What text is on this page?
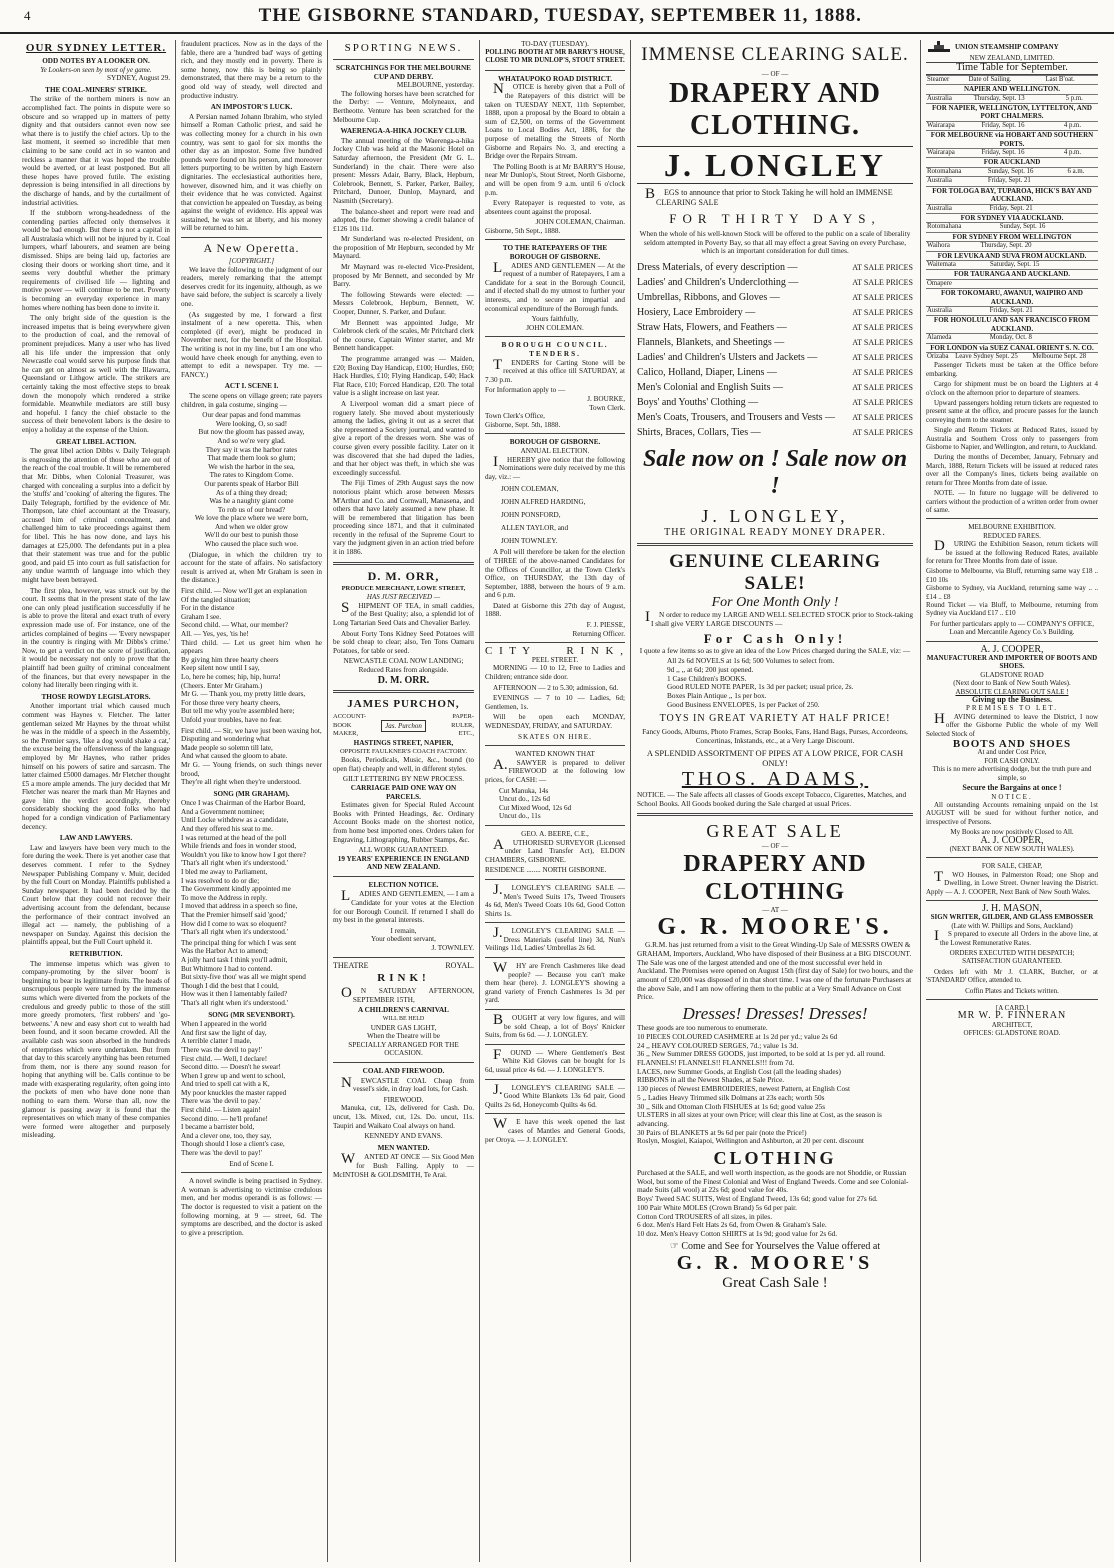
4	THE GISBORNE STANDARD, TUESDAY, SEPTEMBER 11, 1888.
OUR SYDNEY LETTER.
ODD NOTES BY A LOOKER ON.
Ye Lookers-on seen by most of ye game.
SYDNEY, August 29.
THE COAL-MINERS' STRIKE.

The strike of the northern miners is now an accomplished fact. The points in dispute were so obscure and so wrapped up in matters of petty dignity and that outsiders cannot even now see what there is to justify the chief actors. Up to the last moment, it seemed so incredible that men claiming to be sane could act in so wanton and reckless a manner that it was hoped the trouble would be averted, or at least postponed. But all these hopes have proved futile. The existing depression is being intensified in all directions by the discharge of hands, and by the curtailment of industrial activities.

If the stubborn wrong-headedness of the contending parties affected only themselves it would be bad enough. But there is not a capital in all Australasia which will not be injured by it. Coal lumpers, wharf labourers, and seamen are being dismissed. Ships are being laid up, factories are closing their doors or working short time, and it seems very doubtful whether the primary requirements of civilised life — lighting and motive power — will continue to be met. Poverty is becoming an everyday experience in many homes where nothing has been done to invite it.

The only bright side of the question is the increased impetus that is being everywhere given to the production of coal, and the removal of prominent prejudices. Many a user who has lived all his life under the impression that only Newcastle coal would serve his purpose finds that he can get on almost as well with the Illawarra, Queensland or Lithgow article. The strikers are certainly taking the most effective steps to break down the monopoly which rendered a strike formidable. Meanwhile mediators are still busy and hopeful. I fancy the chief obstacle to the success of their benevolent labors is the desire to enjoy a holiday at the expense of the Union.

GREAT LIBEL ACTION.

The great libel action Dibbs v. Daily Telegraph is engrossing the attention of those who are out of the reach of the coal trouble. It will be remembered that Mr. Dibbs, when Colonial Treasurer, was charged with concealing a surplus into a deficit by the 'stuffs' and 'cooking' of altering the figures. The Daily Telegraph, fortified by the evidence of Mr. Thompson, late chief accountant at the Treasury, accused him of criminal concealment, and challenged him to take proceedings against them for libel. This he has now done, and lays his damages at £25,000. The defendants put in a plea that their statement was true and for the public good, and paid £5 into court as full satisfaction for any undue warmth of language into which they might have been betrayed.

The first plea, however, was struck out by the court. It seems that in the present state of the law one can only plead justification successfully if he is able to prove the literal and exact truth of every expression made use of. For instance, one of the articles complained of begins — 'Every newspaper in the country is ringing with Mr Dibbs's crime.' Now, to get a verdict on the score of justification, it would be necessary not only to prove that the plaintiff had been guilty of criminal concealment of the finances, but that every newspaper in the colony had literally been ringing with it.

THOSE ROWDY LEGISLATORS.

Another important trial which caused much comment was Haynes v. Fletcher. The latter gentleman seized Mr Haynes by the throat whilst he was in the middle of a speech in the Assembly, so the Premier says, 'like a dog would shake a cat,' the excuse being the offensiveness of the language employed by Mr Haynes, who rather prides himself on his powers of satire and sarcasm. The latter claimed £5000 damages. Mr Fletcher thought £5 a more ample amends. The jury decided that Mr Fletcher was nearer the mark than Mr Haynes and gave him the verdict accordingly, thereby considerably shocking the good folks who had hoped for a condign vindication of Parliamentary decency.

LAW AND LAWYERS.

Law and lawyers have been very much to the fore during the week. There is yet another case that deserves comment. I refer to the Sydney Newspaper Publishing Company v. Muir, decided by the full Court on Monday. Plaintiffs published a Sunday newspaper. It had been decided by the Court below that they could not recover their advertising account from the defendant, because the performance of their contract involved an illegal act — namely, the publishing of a newspaper on Sunday. Against this decision the plaintiffs appeal, but the Full Court upheld it.

RETRIBUTION.

The immense impetus which was given to company-promoting by the silver 'boom' is beginning to bear its legitimate fruits. The heads of unscrupulous people were turned by the immense sums which were diverted from the pockets of the credulous and greedy public to those of the still more greedy promoters, 'first robbers' and 'go-betweens.' A new and easy short cut to wealth had been found, and it soon became crowded. All the available cash was soon absorbed in the hundreds of enterprises which were undertaken. But from that day to this scarcely anything has been returned from them, nor is there any sound reason for hoping that anything will be. Calls continue to be made with exasperating regularity, often going into the pockets of men who have done none than nothing to earn them. Worse than all, now the glamour is passing away it is found that the representatives on which many of these companies were formed were altogether and purposely misleading.

fraudulent practices. Now as in the days of the fable, there are a 'hundred bad' ways of getting rich, and they mostly end in poverty. There is some honey, now this is being so plainly demonstrated, that there may be a return to the good old way of steady, well directed and productive industry.

AN IMPOSTOR'S LUCK.

A Persian named Johann Ibrahim, who styled himself a Roman Catholic priest, and said he was collecting money for a church in his own country, was sent to gaol for six months the other day as an impostor. Some five hundred pounds were found on his person, and moreover letters purporting to be written by high Eastern dignitaries. The ecclesiastical authorities here, however, disowned him, and it was chiefly on their evidence that he was convicted. Against that conviction he appealed on Tuesday, as being against the weight of evidence. His appeal was sustained, he was set at liberty, and his money will be returned to him.

A New Operetta.
[COPYRIGHT.]

We leave the following to the judgment of our readers, merely remarking that the attempt deserves credit for its ingenuity, although, as we have said before, the subject is scarcely a lively one.

(As suggested by me, I forward a first instalment of a new operetta. This, when completed (if ever), might be produced in November next, for the benefit of the Hospital. The writing is not in my line, but I am one who would have cheek enough for anything, even to attempt to edit a newspaper. Try me. — FANCY.)

ACT I. SCENE I.

The scene opens on village green; rate payers children, in gala costume, singing —

Our dear papas and fond mammas
Were looking, O, so sad!
But now the gloom has passed away,
And so we're very glad.
They say it was the harbor rates
That made them look so glum;
We wish the harbor in the sea,
The rates to Kingdom Come.
Our parents speak of Harbor Bill
As of a thing they dread;
Was he a naughty giant come
To rob us of our bread?
We love the place where we were born,
And when we older grow
We'll do our best to punish those
Who caused the place such woe.

(Dialogue, in which the children try to account for the state of affairs. No satisfactory result is arrived at, when Mr Graham is seen in the distance.)

First child. — Now we'll get an explanation
Of the tangled situation;
For in the distance
Graham I see.
Second child. — What, our member?
All. — Yes, yes, 'tis he!
Third child. — Let us greet him when he appears
By giving him three hearty cheers
Keep silent now until I say,
Lo, here he comes; hip, hip, hurra!
(Cheers. Enter Mr Graham.)
Mr G. — Thank you, my pretty little dears,
For those three very hearty cheers,
But tell me why you're assembled here;
Unfold your troubles, have no fear.

First child. — Sir, we have just been waxing hot,
Disputing and wondering what
Made people so solemn till late,
And what caused the gloom to abate.
Mr G. — Young friends, on such things never brood,
They're all right when they're understood.

SONG (MR GRAHAM).

Once I was Chairman of the Harbor Board,
And a Government nominee;
Until Locke withdrew as a candidate,
And they offered his seat to me.
I was returned at the head of the poll
While friends and foes in wonder stood,
Wouldn't you like to know how I got there?
'That's all right when it's understood.'
I bled me away to Parliament,
I was resolved to do or die;
The Government kindly appointed me
To move the Address in reply.
I moved that address in a speech so fine,
That the Premier himself said 'good;'
How did I come to wax so eloquent?
'That's all right when it's understood.'

The principal thing for which I was sent
Was the Harbor Act to amend;
A jolly hard task I think you'll admit,
But Whitmore I had to contend.
But sixty-five thou' was all we might spend
Though I did the best that I could,
How was it then I lamentably failed?
'That's all right when it's understood.'

SONG (MR SEVENBORT).

When I appeared in the world
And first saw the light of day,
A terrible clatter I made,
'There was the devil to pay!'
First child. — Well, I declare!
Second ditto. — Doesn't he swear!
When I grew up and went to school,
And tried to spell cat with a K,
My poor knuckles the master rapped
There was 'the devil to pay.'
First child. — Listen again!
Second ditto. — he'll profane!
I became a barrister bold,
And a clever one, too, they say,
Though should I lose a client's case,
There was 'the devil to pay!'

End of Scene I.

A novel swindle is being practised in Sydney. A woman is advertising to victimise credulous men, and her modus operandi is as follows: — The doctor is requested to visit a patient on the following morning, at 9 — street, 6d. The symptoms are described, and the doctor is asked to give a prescription.

SPORTING NEWS.
SCRATCHINGS FOR THE MELBOURNE CUP AND DERBY.
MELBOURNE, yesterday.

The following horses have been scratched for the Derby: — Venture, Molyneaux, and Bertheotte. Venture has been scratched for the Melbourne Cup.

WAERENGA-A-HIKA JOCKEY CLUB.

The annual meeting of the Waerenga-a-hika Jockey Club was held at the Masonic Hotel on Saturday afternoon, the President (Mr G. L. Sunderland) in the chair. There were also present: Messrs Adair, Barry, Black, Hepburn, Colebrook, Bennett, S. Parker, Parker, Bailey, Pritchard, Dunoer, Dunlop, Maynard, and Nasmith (Secretary).

The balance-sheet and report were read and adopted, the former showing a credit balance of £126 10s 11d.

Mr Sunderland was re-elected President, on the proposition of Mr Hepburn, seconded by Mr Maynard.

Mr Maynard was re-elected Vice-President, proposed by Mr Bennett, and seconded by Mr Barry.

The following Stewards were elected: — Messrs Colebrook, Hepburn, Bennett, W. Cooper, Dunner, S. Parker, and Dufaur.

Mr Bennett was appointed Judge, Mr Colebrook clerk of the scales, Mr Pritchard clerk of the course, Captain Winter starter, and Mr Bennett handicapper.

The programme arranged was — Maiden, £20; Boxing Day Handicap, £100; Hurdles, £60; Hack Hurdles, £10; Flying Handicap, £40; Hack Flat Race, £10; Forced Handicap, £20. The total value is a slight increase on last year.

A Liverpool woman did a smart piece of roguery lately. She moved about mysteriously among the ladies, giving it out as a secret that she represented a Society journal, and wanted to give a report of the dresses worn. She was of course given every possible facility. Later on it was discovered that she had duped the ladies, and that her object was theft, in which she was exceedingly successful.

The Fiji Times of 29th August says the now notorious plaint which arose between Messrs M'Arthur and Co. and Cornwall, Manasena, and others that have lately assumed a new phase. It will be remembered that litigation has been proceeding since 1871, and that it culminated recently in the refusal of the Supreme Court to vary the judgment given in an action tried before it in 1886.

D. M. ORR,
PRODUCE MERCHANT, LOWE STREET,
HAS JUST RECEIVED —

SHIPMENT OF TEA, in small caddies, of the Best Quality; also, a splendid lot of Long Tartarian Seed Oats and Chevalier Barley.

About Forty Tons Kidney Seed Potatoes will be sold cheap to clear; also, Ten Tons Oamaru Potatoes, for table or seed.

NEWCASTLE COAL NOW LANDING; Reduced Rates from alongside.

D. M. ORR.
JAMES PURCHON,
ACCOUNT-BOOK MAKER,
Jas. Purchon
PAPER-RULER, ETC.,
HASTINGS STREET, NAPIER,
OPPOSITE FAULKNER'S COACH FACTORY.

Books, Periodicals, Music, &c., bound (to open flat) cheaply and well, in different styles.

GILT LETTERING BY NEW PROCESS.
CARRIAGE PAID ONE WAY ON PARCELS.

Estimates given for Special Ruled Account Books with Printed Headings, &c. Ordinary Account Books made on the shortest notice, from home best imported ones. Orders taken for Engraving, Lithographing, Rubber Stamps, &c.

ALL WORK GUARANTEED.
19 YEARS' EXPERIENCE IN ENGLAND AND NEW ZEALAND.
ELECTION NOTICE.

LADIES AND GENTLEMEN, — I am a Candidate for your votes at the Election for our Borough Council. If returned I shall do my best in the general interests.

I remain,
Your obedient servant,
J. TOWNLEY.
THEATRE	ROYAL.
RINK!

ON SATURDAY AFTERNOON, SEPTEMBER 15TH,

A CHILDREN'S CARNIVAL
WILL BE HELD
UNDER GAS LIGHT,
When the Theatre will be
SPECIALLY ARRANGED FOR THE OCCASION.
COAL AND FIREWOOD.

NEWCASTLE COAL Cheap from vessel's side, in dray load lots, for Cash.

FIREWOOD.

Manuka, cut, 12s, delivered for Cash. Do. uncut, 13s. Mixed, cut, 12s. Do. uncut, 11s. Taupiri and Waikato Coal always on hand.

KENNEDY AND EVANS.
MEN WANTED.

WANTED AT ONCE — Six Good Men for Bush Falling. Apply to — McINTOSH & GOLDSMITH, Te Arai.

TO-DAY (TUESDAY).
POLLING BOOTH AT MR BARRY'S HOUSE, CLOSE TO MR DUNLOP'S, STOUT STREET.
WHATAUPOKO ROAD DISTRICT.

NOTICE is hereby given that a Poll of the Ratepayers of this district will be taken on TUESDAY NEXT, 11th September, 1888, upon a proposal by the Board to obtain a sum of £2,500, on terms of the Government Loans to Local Bodies Act, 1886, for the purpose of metalling the Streets of North Gisborne and Repairs No. 3, and erecting a Bridge over the Repairs Stream.

The Polling Booth is at Mr BARRY'S House, near Mr Dunlop's, Stout Street, North Gisborne, and will be open from 9 a.m. until 6 o'clock p.m.

Every Ratepayer is requested to vote, as absentees count against the proposal.

JOHN COLEMAN, Chairman.
Gisborne, 5th Sept., 1888.
TO THE RATEPAYERS OF THE BOROUGH OF GISBORNE.

LADIES AND GENTLEMEN — At the request of a number of Ratepayers, I am a Candidate for a seat in the Borough Council, and if elected shall do my utmost to further your interests, and to secure an impartial and economical expenditure of the Borough funds.

Yours faithfully,
JOHN COLEMAN.
BOROUGH COUNCIL.
TENDERS.

TENDERS for Carting Stone will be received at this office till SATURDAY, at 7.30 p.m.

For Information apply to —
J. BOURKE,
Town Clerk.
Town Clerk's Office,
Gisborne, Sept. 5th, 1888.
BOROUGH OF GISBORNE.
ANNUAL ELECTION.

IHEREBY give notice that the following Nominations were duly received by me this day, viz.: —

JOHN COLEMAN,
JOHN ALFRED HARDING,
JOHN PONSFORD,
ALLEN TAYLOR, and
JOHN TOWNLEY.

A Poll will therefore be taken for the election of THREE of the above-named Candidates for the Offices of Councillor, at the Town Clerk's Office, on THURSDAY, the 13th day of September, 1888, between the hours of 9 a.m. and 6 p.m.

Dated at Gisborne this 27th day of August, 1888.

F. J. PIESSE,
Returning Officer.
C I T Y	R I N K ,
PEEL STREET.

MORNING — 10 to 12, Free to Ladies and Children; entrance side door.

AFTERNOON — 2 to 5.30; admission, 6d.

EVENINGS — 7 to 10 — Ladies, 6d; Gentlemen, 1s.

Will be open each MONDAY, WEDNESDAY, FRIDAY, and SATURDAY.

SKATES ON HIRE.
WANTED KNOWN THAT

A.SAWYER is prepared to deliver FIREWOOD at the following low prices, for CASH: —

Cut Manuka, 14s
Uncut do., 12s 6d
Cut Mixed Wood, 12s 6d
Uncut do., 11s

GEO. A. BEERE, C.E.,

AUTHORISED SURVEYOR (Licensed under Land Transfer Act), ELDON CHAMBERS, GISBORNE.

RESIDENCE ........ NORTH GISBORNE.

J.LONGLEY'S CLEARING SALE — Men's Tweed Suits 17s, Tweed Trousers 4s 6d, Men's Tweed Coats 10s 6d, Good Cotton Shirts 1s.

J.LONGLEY'S CLEARING SALE — Dress Materials (useful line) 3d, Nun's Veilings 11d, Ladies' Umbrellas 2s 6d.

WHY are French Cashmeres like dead people? — Because you can't make them hear (here). J. LONGLEY'S showing a grand variety of French Cashmeres 1s 3d per yard.

BOUGHT at very low figures, and will be sold Cheap, a lot of Boys' Knicker Suits, from 6s 6d. — J. LONGLEY.

FOUND — Where Gentlemen's Best White Kid Gloves can be bought for 1s 6d, usual price 4s 6d. — J. LONGLEY'S.

J.LONGLEY'S CLEARING SALE — Good White Blankets 13s 6d pair, Good Quilts 2s 6d, Honeycomb Quilts 4s 6d.

WE have this week opened the last cases of Mantles and General Goods, per Oroya. — J. LONGLEY.

IMMENSE CLEARING SALE.
— OF —
DRAPERY AND CLOTHING.
J. LONGLEY

BEGS to announce that prior to Stock Taking he will hold an IMMENSE CLEARING SALE

FOR THIRTY DAYS,

When the whole of his well-known Stock will be offered to the public on a scale of liberality seldom attempted in Poverty Bay, so that all may effect a great Saving on every Purchase, which is an important consideration for dull times.

Dress Materials, of every description —	AT SALE PRICES
Ladies' and Children's Underclothing —	AT SALE PRICES
Umbrellas, Ribbons, and Gloves —	AT SALE PRICES
Hosiery, Lace Embroidery —	AT SALE PRICES
Straw Hats, Flowers, and Feathers —	AT SALE PRICES
Flannels, Blankets, and Sheetings —	AT SALE PRICES
Ladies' and Children's Ulsters and Jackets —	AT SALE PRICES
Calico, Holland, Diaper, Linens —	AT SALE PRICES
Men's Colonial and English Suits —	AT SALE PRICES
Boys' and Youths' Clothing —	AT SALE PRICES
Men's Coats, Trousers, and Trousers and Vests — AT SALE PRICES
Shirts, Braces, Collars, Ties —	AT SALE PRICES
Sale now on ! Sale now on !
J. LONGLEY,
THE ORIGINAL READY MONEY DRAPER.
GENUINE CLEARING SALE!
For One Month Only !

IN order to reduce my LARGE AND WELL SELECTED STOCK prior to Stock-taking I shall give VERY LARGE DISCOUNTS —

For Cash Only!

I quote a few items so as to give an idea of the Low Prices charged during the SALE, viz: —

All 2s 6d NOVELS at 1s 6d; 500 Volumes to select from.
9d ,, ,, at 6d; 200 just opened.
1 Case Children's BOOKS.
Good RULED NOTE PAPER, 1s 3d per packet; usual price, 2s.
Boxes Plain Antique ,, 1s per box.
Good Business ENVELOPES, 1s per Packet of 250.

TOYS IN GREAT VARIETY AT HALF PRICE!

Fancy Goods, Albums, Photo Frames, Scrap Books, Fans, Hand Bags, Purses, Accordeons, Concertinas, Inkstands, etc., at a Very Large Discount.

A SPLENDID ASSORTMENT OF PIPES AT A LOW PRICE, FOR CASH ONLY!
THOS. ADAMS,

NOTICE. — The Sale affects all classes of Goods except Tobacco, Cigarettes, Matches, and School Books. All Goods booked during the Sale charged at usual Prices.

GREAT SALE
— OF —
DRAPERY AND CLOTHING
— AT —
G. R. MOORE'S.

G.R.M. has just returned from a visit to the Great Winding-Up Sale of MESSRS OWEN & GRAHAM, Importers, Auckland, Who have disposed of their Business at a BIG DISCOUNT. The Sale was one of the largest attended and one of the most successful ever held in Auckland. The Premises were opened on August 15th (first day of Sale) for two hours, and the amount of £20,000 was disposed of in that short time. I was one of the fortunate Purchasers at the above Sale, and I am now offering them to the public at a Very Small Advance on Cost Price.

Dresses! Dresses! Dresses!

These goods are too numerous to enumerate.
10 PIECES COLOURED CASHMERE at 1s 2d per yd.; value 2s 6d
24 ,, HEAVY COLOURED SERGES, 7d.; value 1s 3d.
36 ,, New Summer DRESS GOODS, just imported, to be sold at 1s per yd. all round.
FLANNELS! FLANNELS!! FLANNELS!!! from 7d.
LACES, new Summer Goods, at English Cost (all the leading shades)
RIBBONS in all the Newest Shades, at Sale Price.
130 pieces of Newest EMBROIDERIES, newest Pattern, at English Cost
5 ,, Ladies Heavy Trimmed silk Dolmans at 23s each; worth 50s
30 ,, Silk and Ottoman Cloth FISHUES at 1s 6d; good value 25s
ULSTERS in all sizes at your own Price; will clear this line at Cost, as the season is advancing.
30 Pairs of BLANKETS at 9s 6d per pair (note the Price!)
Roslyn, Mosgiel, Kaiapoi, Wellington and Ashburton, at 20 per cent. discount

CLOTHING

Purchased at the SALE, and well worth inspection, as the goods are not Shoddie, or Russian Wool, but some of the Finest Colonial and West of England Tweeds. Come and see Colonial-made Suits (all wool) at 22s 6d; good value for 40s.
Boys' Tweed SAC SUITS, West of England Tweed, 13s 6d; good value for 27s 6d.
100 Pair White MOLES (Crown Brand) 5s 6d per pair.
Cotton Cord TROUSERS of all sizes, in piles.
6 doz. Men's Hard Felt Hats 2s 6d, from Owen & Graham's Sale.
10 doz. Men's Heavy Cotton SHIRTS at 1s 9d; good value for 2s 6d.

☞ Come and See for Yourselves the Value offered at
G. R. MOORE'S
Great Cash Sale !
UNION STEAMSHIP COMPANY
NEW ZEALAND, LIMITED.
Time Table for September.
Steamer	Date of Sailing.	Last B'oat.
NAPIER AND WELLINGTON.
Australia	Thursday, Sept. 13	5 p.m.
FOR NAPIER, WELLINGTON, LYTTELTON, AND PORT CHALMERS.
Wairarapa	Friday, Sept. 16	4 p.m.
FOR MELBOURNE via HOBART AND SOUTHERN PORTS.
Wairarapa	Friday, Sept. 16	4 p.m.
FOR AUCKLAND
Rotomahana	Sunday, Sept. 16	6 a.m.
Australia	Friday, Sept. 21	
FOR TOLOGA BAY, TUPAROA, HICK'S BAY AND AUCKLAND.
Australia	Friday, Sept. 21	
FOR SYDNEY VIA AUCKLAND.
Rotomahana	Sunday, Sept. 16	
FOR SYDNEY FROM WELLINGTON
Waihora	Thursday, Sept. 20	
FOR LEVUKA AND SUVA FROM AUCKLAND.
Waitemata	Saturday, Sept. 15	
FOR TAURANGA AND AUCKLAND.
Omapere		
FOR TOKOMARU, AWANUI, WAIPIRO AND AUCKLAND.
Australia	Friday, Sept. 21	
FOR HONOLULU AND SAN FRANCISCO FROM AUCKLAND.
Alameda	Monday, Oct. 8	
FOR LONDON via SUEZ CANAL ORIENT S. N. CO.
Orizaba	Leave Sydney Sept. 25	Melbourne Sept. 28

Passenger Tickets must be taken at the Office before embarking.

Cargo for shipment must be on board the Lighters at 4 o'clock on the afternoon prior to departure of steamers.

Upward passengers holding return tickets are requested to present same at the office, and procure passes for the launch conveying them to the steamer.

Single and Return Tickets at Reduced Rates, issued by Australia and Southern Cross only to passengers from Gisborne to Napier, and Wellington, and return, to Auckland.

During the months of December, January, February and March, 1888, Return Tickets will be issued at reduced rates over all the Company's lines, tickets being available on return for Three Months from date of issue.

NOTE. — In future no luggage will be delivered to carriers without the production of a written order from owner of same.

MELBOURNE EXHIBITION.
REDUCED FARES.

DURING the Exhibition Season, return tickets will be issued at the following Reduced Rates, available for return for Three Months from date of issue.

Gisborne to Melbourne, via Bluff, returning same way £18 .. £10 10s
Gisborne to Sydney, via Auckland, returning same way .. .. £14 .. £8
Round Ticket — via Bluff, to Melbourne, returning from Sydney via Auckland £17 .. £10

For further particulars apply to — COMPANY'S OFFICE, Loan and Mercantile Agency Co.'s Building.

A. J. COOPER,
MANUFACTURER AND IMPORTER OF BOOTS AND SHOES.
GLADSTONE ROAD
(Next door to Bank of New South Wales).
ABSOLUTE CLEARING OUT SALE !
Giving up the Business.
PREMISES TO LET.

HAVING determined to leave the District, I now offer the Gisborne Public the whole of my Well Selected Stock of

BOOTS AND SHOES
At and under Cost Price,
FOR CASH ONLY.

This is no mere advertising dodge, but the truth pure and simple, so

Secure the Bargains at once !
NOTICE.

All outstanding Accounts remaining unpaid on the 1st AUGUST will be sued for without further notice, and irrespective of Persons.

My Books are now positively Closed to All.
A. J. COOPER,
(NEXT BANK OF NEW SOUTH WALES).
FOR SALE, CHEAP,

TWO Houses, in Palmerston Road; one Shop and Dwelling, in Lowe Street. Owner leaving the District. Apply — A. J. COOPER, Next Bank of New South Wales.

J. H. MASON,
SIGN WRITER, GILDER, AND GLASS EMBOSSER
(Late with W. Phillips and Sons, Auckland)

IS prepared to execute all Orders in the above line, at the Lowest Remunerative Rates.

ORDERS EXECUTED WITH DESPATCH; SATISFACTION GUARANTEED.

Orders left with Mr J. CLARK, Butcher, or at 'STANDARD' Office, attended to.

Coffin Plates and Tickets written.
[A CARD.]
MR W. P. FINNERAN
ARCHITECT,
OFFICES: GLADSTONE ROAD.
